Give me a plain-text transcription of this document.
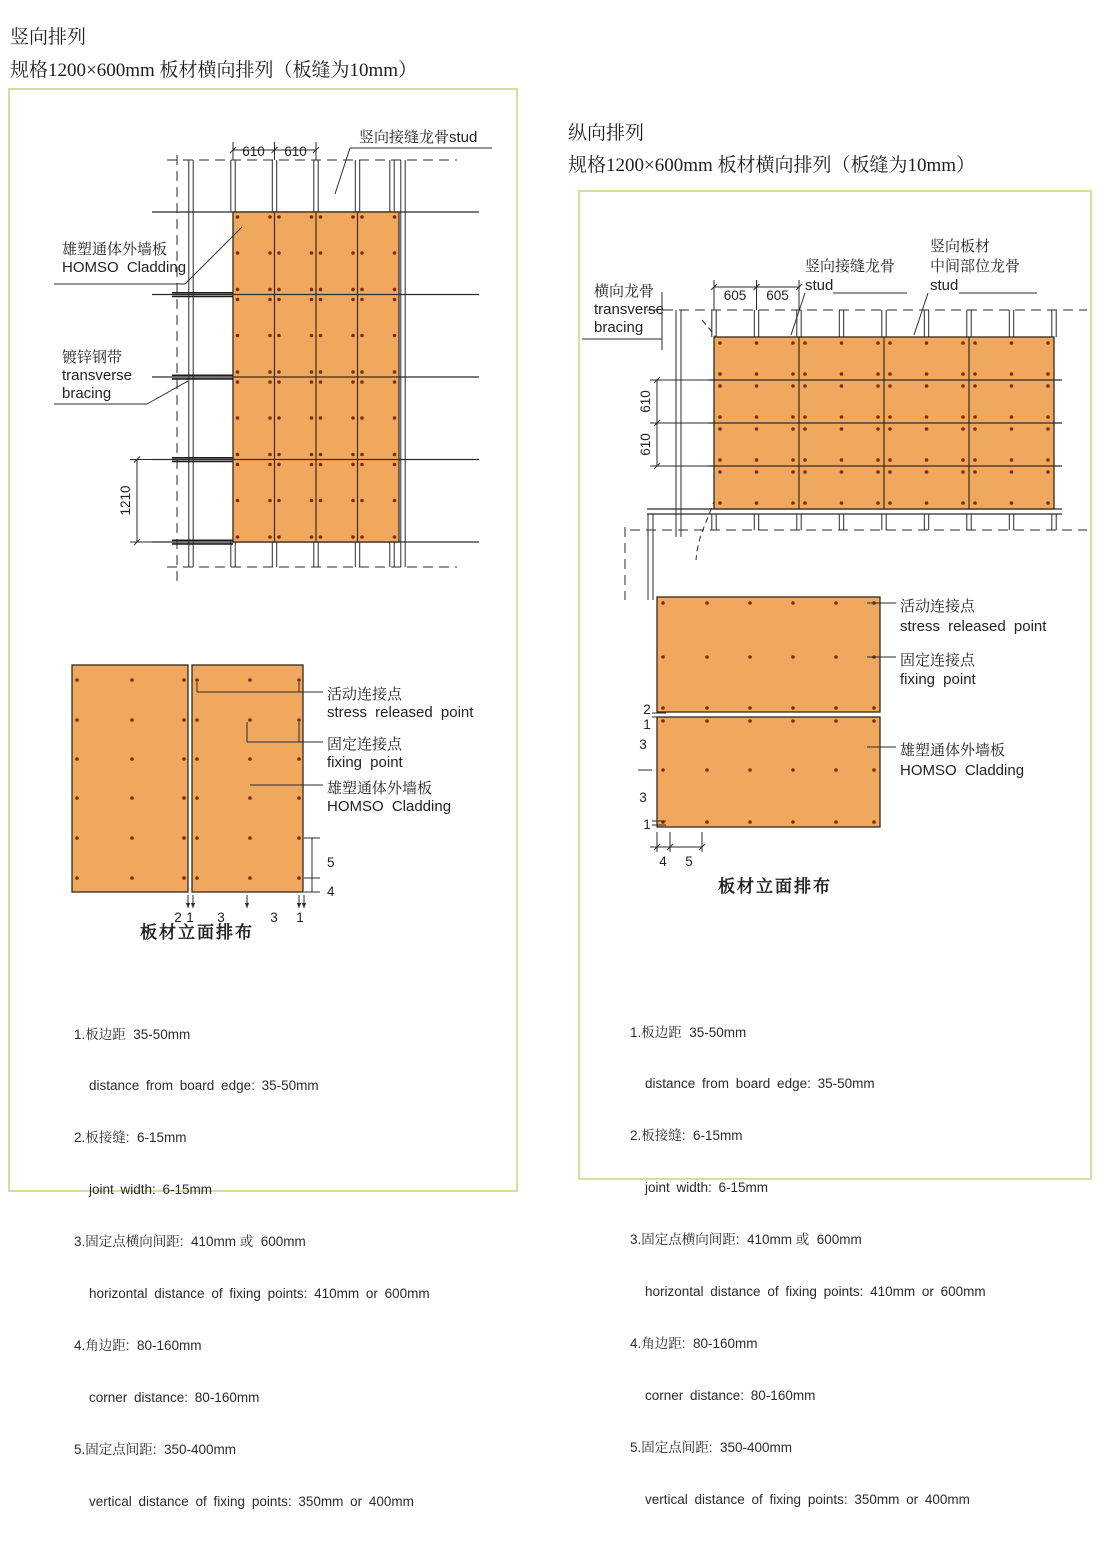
竖向排列
规格1200×600mm 板材横向排列（板缝为10mm）
纵向排列
规格1200×600mm 板材横向排列（板缝为10mm）
610 610
竖向接缝龙骨stud
雄塑通体外墙板
HOMSO Cladding
镀锌钢带
transverse
bracing
1210
活动连接点
stress released point
固定连接点
fixing point
雄塑通体外墙板
HOMSO Cladding
5
4
2 1 3	3 1
板材立面排布

1.板边距  35-50mm

distance from board edge: 35-50mm

2.板接缝:  6-15mm

joint width: 6-15mm

3.固定点横向间距:  410mm 或  600mm

horizontal distance of fixing points: 410mm or 600mm

4.角边距:  80-160mm

corner distance: 80-160mm

5.固定点间距:  350-400mm

vertical distance of fixing points: 350mm or 400mm

605 605
横向龙骨
transverse
bracing
竖向接缝龙骨
stud
竖向板材
中间部位龙骨
stud
610
610
活动连接点
stress released point
固定连接点
fixing point
雄塑通体外墙板
HOMSO Cladding
2
1
3
3
1
4 5
板材立面排布

1.板边距  35-50mm

distance from board edge: 35-50mm

2.板接缝:  6-15mm

joint width: 6-15mm

3.固定点横向间距:  410mm 或  600mm

horizontal distance of fixing points: 410mm or 600mm

4.角边距:  80-160mm

corner distance: 80-160mm

5.固定点间距:  350-400mm

vertical distance of fixing points: 350mm or 400mm
